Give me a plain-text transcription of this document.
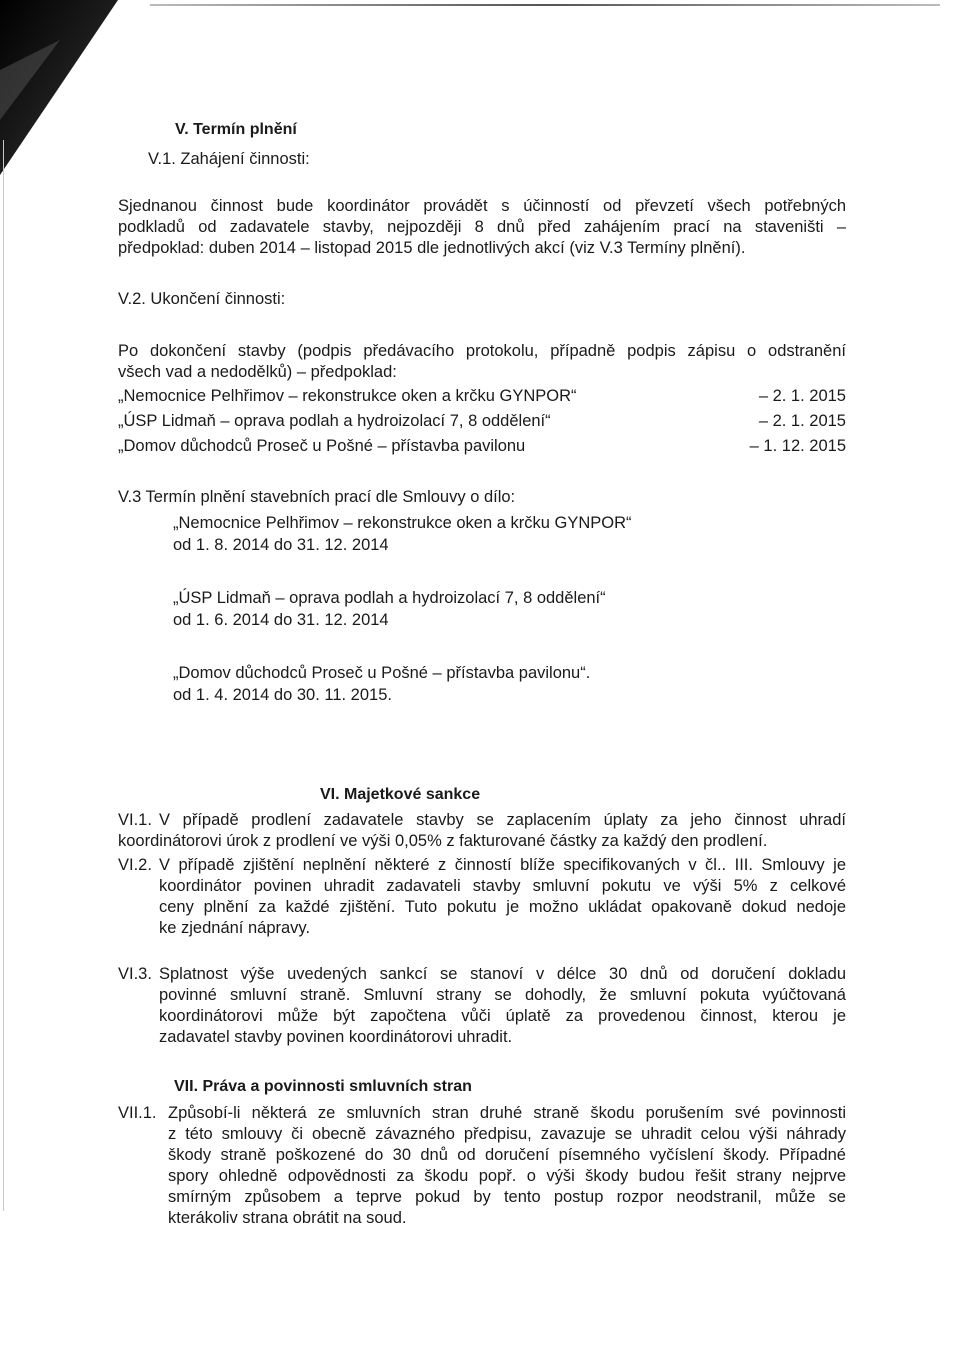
V. Termín plnění
V.1. Zahájení činnosti:
Sjednanou činnost bude koordinátor provádět s účinností od převzetí všech potřebných
podkladů od zadavatele stavby, nejpozději 8 dnů před zahájením prací na staveništi –
předpoklad: duben 2014 – listopad 2015 dle jednotlivých akcí (viz V.3 Termíny plnění).
V.2. Ukončení činnosti:
Po dokončení stavby (podpis předávacího protokolu, případně podpis zápisu o odstranění
všech vad a nedodělků) – předpoklad:
„Nemocnice Pelhřimov – rekonstrukce oken a krčku GYNPOR“	– 2. 1. 2015
„ÚSP Lidmaň – oprava podlah a hydroizolací 7, 8 oddělení“	– 2. 1. 2015
„Domov důchodců Proseč u Pošné – přístavba pavilonu	– 1. 12. 2015
V.3 Termín plnění stavebních prací dle Smlouvy o dílo:
„Nemocnice Pelhřimov – rekonstrukce oken a krčku GYNPOR“
od 1. 8. 2014 do 31. 12. 2014
„ÚSP Lidmaň – oprava podlah a hydroizolací 7, 8 oddělení“
od 1. 6. 2014 do 31. 12. 2014
„Domov důchodců Proseč u Pošné – přístavba pavilonu“.
od 1. 4. 2014 do 30. 11. 2015.
VI. Majetkové sankce
VI.1. V případě prodlení zadavatele stavby se zaplacením úplaty za jeho činnost uhradí
koordinátorovi úrok z prodlení ve výši 0,05% z fakturované částky za každý den prodlení.
VI.2. V případě zjištění neplnění některé z činností blíže specifikovaných v čl.. III. Smlouvy je
koordinátor povinen uhradit zadavateli stavby smluvní pokutu ve výši 5% z celkové
ceny plnění za každé zjištění. Tuto pokutu je možno ukládat opakovaně dokud nedoje
ke zjednání nápravy.
VI.3. Splatnost výše uvedených sankcí se stanoví v délce 30 dnů od doručení dokladu
povinné smluvní straně. Smluvní strany se dohodly, že smluvní pokuta vyúčtovaná
koordinátorovi může být započtena vůči úplatě za provedenou činnost, kterou je
zadavatel stavby povinen koordinátorovi uhradit.
VII. Práva a povinnosti smluvních stran
VII.1. Způsobí-li některá ze smluvních stran druhé straně škodu porušením své povinnosti
z této smlouvy či obecně závazného předpisu, zavazuje se uhradit celou výši náhrady
škody straně poškozené do 30 dnů od doručení písemného vyčíslení škody. Případné
spory ohledně odpovědnosti za škodu popř. o výši škody budou řešit strany nejprve
smírným způsobem a teprve pokud by tento postup rozpor neodstranil, může se
kterákoliv strana obrátit na soud.
